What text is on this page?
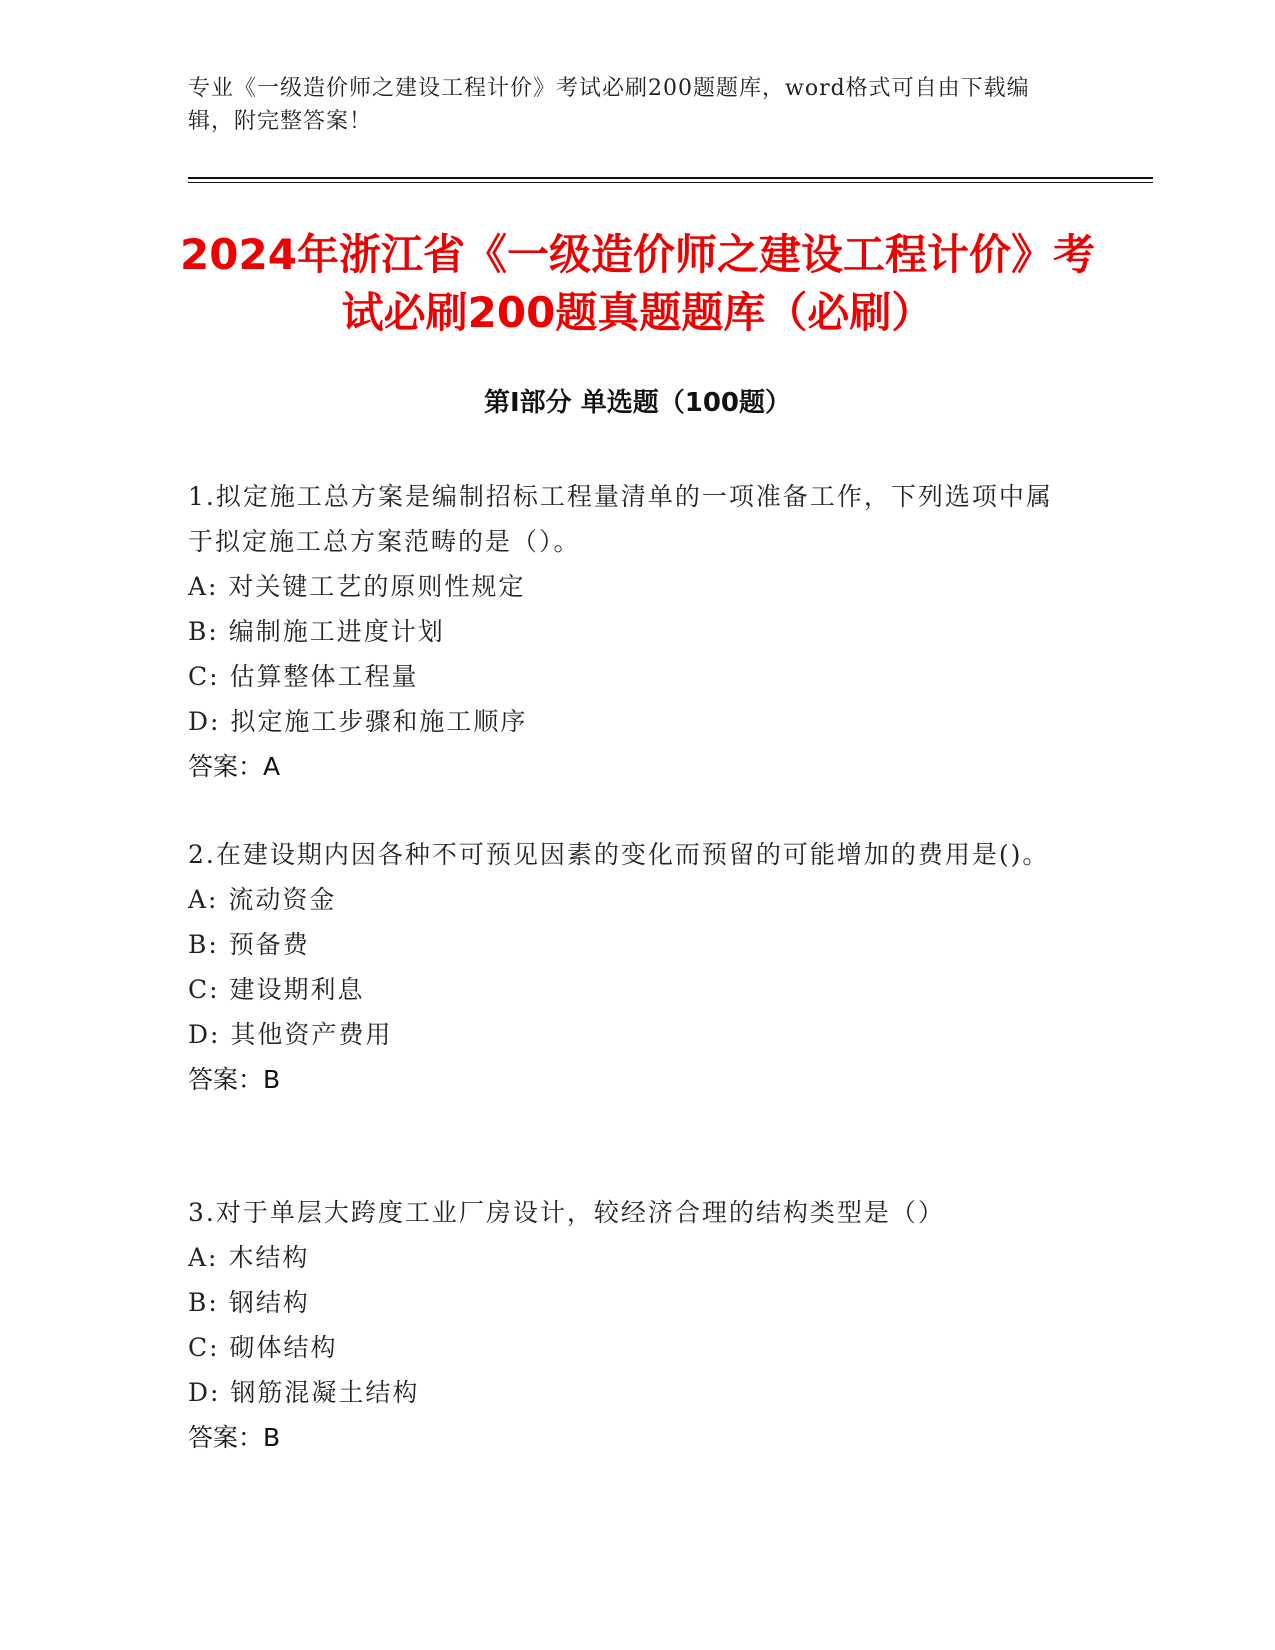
专业《一级造价师之建设工程计价》考试必刷200题题库，word格式可自由下载编辑，附完整答案！
2024年浙江省《一级造价师之建设工程计价》考试必刷200题真题题库（必刷）
第I部分 单选题（100题）
1.拟定施工总方案是编制招标工程量清单的一项准备工作，下列选项中属于拟定施工总方案范畴的是（）。
A: 对关键工艺的原则性规定
B: 编制施工进度计划
C: 估算整体工程量
D: 拟定施工步骤和施工顺序
答案：A
2.在建设期内因各种不可预见因素的变化而预留的可能增加的费用是()。
A: 流动资金
B: 预备费
C: 建设期利息
D: 其他资产费用
答案：B
3.对于单层大跨度工业厂房设计，较经济合理的结构类型是（）
A: 木结构
B: 钢结构
C: 砌体结构
D: 钢筋混凝土结构
答案：B
